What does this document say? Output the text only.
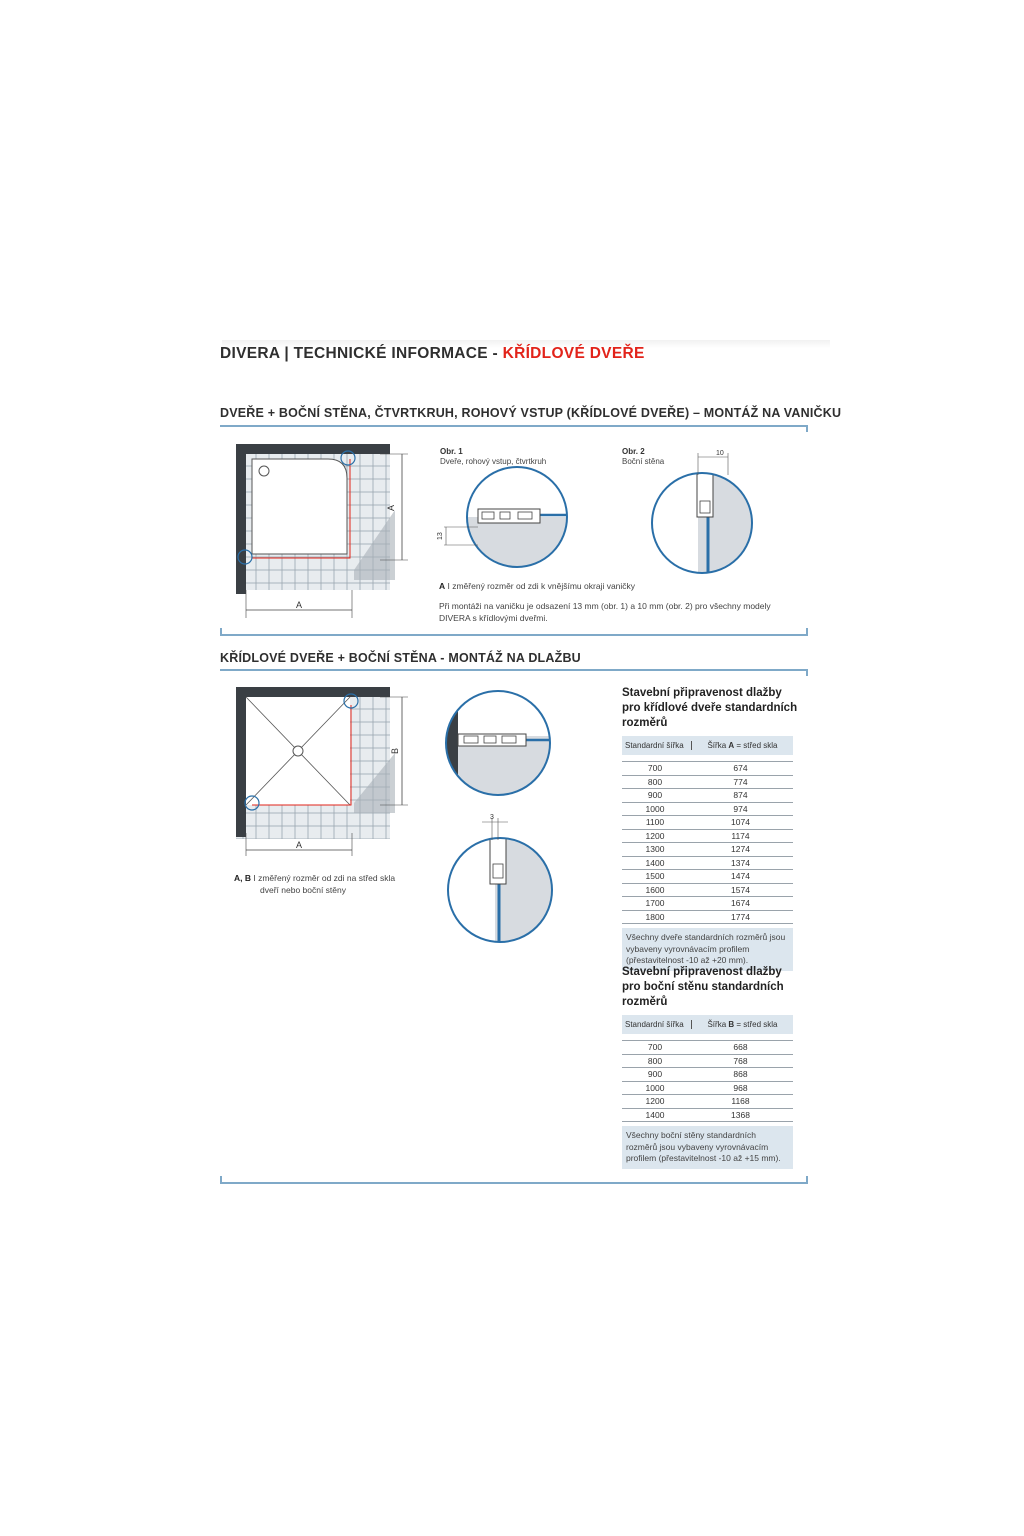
DIVERA | TECHNICKÉ INFORMACE - KŘÍDLOVÉ DVEŘE
DVEŘE + BOČNÍ STĚNA, ČTVRTKRUH, ROHOVÝ VSTUP (KŘÍDLOVÉ DVEŘE) – MONTÁŽ NA VANIČKU
A
A
Obr. 1
Dveře, rohový vstup, čtvrtkruh
13
Obr. 2
Boční stěna
10
A I změřený rozměr od zdi k vnějšímu okraji vaničky
Při montáži na vaničku je odsazení 13 mm (obr. 1) a 10 mm (obr. 2) pro všechny modely
DIVERA s křídlovými dveřmi.
KŘÍDLOVÉ DVEŘE + BOČNÍ STĚNA - MONTÁŽ NA DLAŽBU
A
B
A, B I změřený rozměr od zdi na střed skla
dveří nebo boční stěny
3
Stavební připravenost dlažby pro křídlové dveře standardních rozměrů
Standardní šířka	Šířka A = střed skla
700	674
800	774
900	874
1000	974
1100	1074
1200	1174
1300	1274
1400	1374
1500	1474
1600	1574
1700	1674
1800	1774
Všechny dveře standardních rozměrů jsou vybaveny vyrovnávacím profilem (přestavitelnost -10 až +20 mm).
Stavební připravenost dlažby pro boční stěnu standardních rozměrů
Standardní šířka	Šířka B = střed skla
700	668
800	768
900	868
1000	968
1200	1168
1400	1368
Všechny boční stěny standardních rozměrů jsou vybaveny vyrovnávacím profilem (přestavitelnost -10 až +15 mm).
